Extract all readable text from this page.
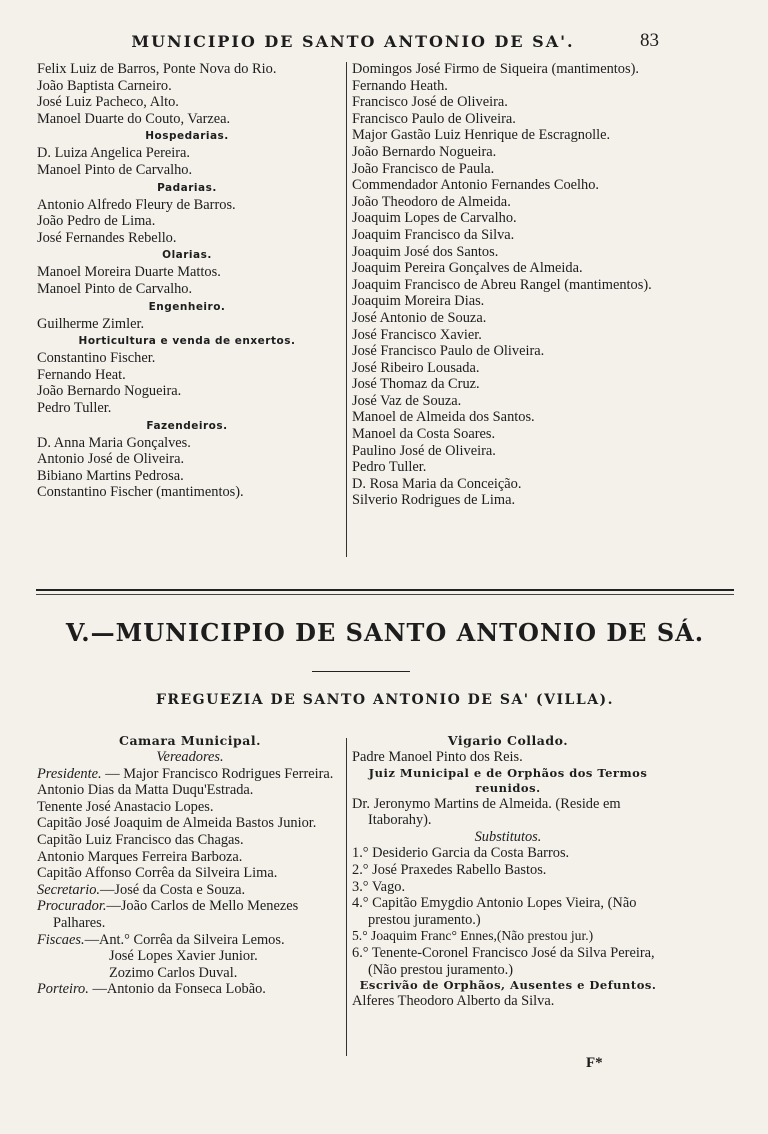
MUNICIPIO DE SANTO ANTONIO DE SA'.	83
Felix Luiz de Barros, Ponte Nova do Rio.
João Baptista Carneiro.
José Luiz Pacheco, Alto.
Manoel Duarte do Couto, Varzea.
Hospedarias.
D. Luiza Angelica Pereira.
Manoel Pinto de Carvalho.
Padarias.
Antonio Alfredo Fleury de Barros.
João Pedro de Lima.
José Fernandes Rebello.
Olarias.
Manoel Moreira Duarte Mattos.
Manoel Pinto de Carvalho.
Engenheiro.
Guilherme Zimler.
Horticultura e venda de enxertos.
Constantino Fischer.
Fernando Heat.
João Bernardo Nogueira.
Pedro Tuller.
Fazendeiros.
D. Anna Maria Gonçalves.
Antonio José de Oliveira.
Bibiano Martins Pedrosa.
Constantino Fischer (mantimentos).
Domingos José Firmo de Siqueira (mantimentos).
Fernando Heath.
Francisco José de Oliveira.
Francisco Paulo de Oliveira.
Major Gastão Luiz Henrique de Escragnolle.
João Bernardo Nogueira.
João Francisco de Paula.
Commendador Antonio Fernandes Coelho.
João Theodoro de Almeida.
Joaquim Lopes de Carvalho.
Joaquim Francisco da Silva.
Joaquim José dos Santos.
Joaquim Pereira Gonçalves de Almeida.
Joaquim Francisco de Abreu Rangel (mantimentos).
Joaquim Moreira Dias.
José Antonio de Souza.
José Francisco Xavier.
José Francisco Paulo de Oliveira.
José Ribeiro Lousada.
José Thomaz da Cruz.
José Vaz de Souza.
Manoel de Almeida dos Santos.
Manoel da Costa Soares.
Paulino José de Oliveira.
Pedro Tuller.
D. Rosa Maria da Conceição.
Silverio Rodrigues de Lima.
V.—MUNICIPIO DE SANTO ANTONIO DE SÁ.
FREGUEZIA DE SANTO ANTONIO DE SA' (VILLA).
Camara Municipal.
Vereadores.
Presidente. — Major Francisco Rodrigues Ferreira.
Antonio Dias da Matta Duqu'Estrada.
Tenente José Anastacio Lopes.
Capitão José Joaquim de Almeida Bastos Junior.
Capitão Luiz Francisco das Chagas.
Antonio Marques Ferreira Barboza.
Capitão Affonso Corrêa da Silveira Lima.
Secretario.—José da Costa e Souza.
Procurador.—João Carlos de Mello Menezes Palhares.
Fiscaes.—Ant.° Corrêa da Silveira Lemos.
José Lopes Xavier Junior.
Zozimo Carlos Duval.
Porteiro. —Antonio da Fonseca Lobão.
Vigario Collado.
Padre Manoel Pinto dos Reis.
Juiz Municipal e de Orphãos dos Termos reunidos.
Dr. Jeronymo Martins de Almeida. (Reside em Itaborahy).
Substitutos.
1.° Desiderio Garcia da Costa Barros.
2.° José Praxedes Rabello Bastos.
3.° Vago.
4.° Capitão Emygdio Antonio Lopes Vieira, (Não prestou juramento.)
5.° Joaquim Franc° Ennes,(Não prestou jur.)
6.° Tenente-Coronel Francisco José da Silva Pereira, (Não prestou juramento.)
Escrivão de Orphãos, Ausentes e Defuntos.
Alferes Theodoro Alberto da Silva.
F*
